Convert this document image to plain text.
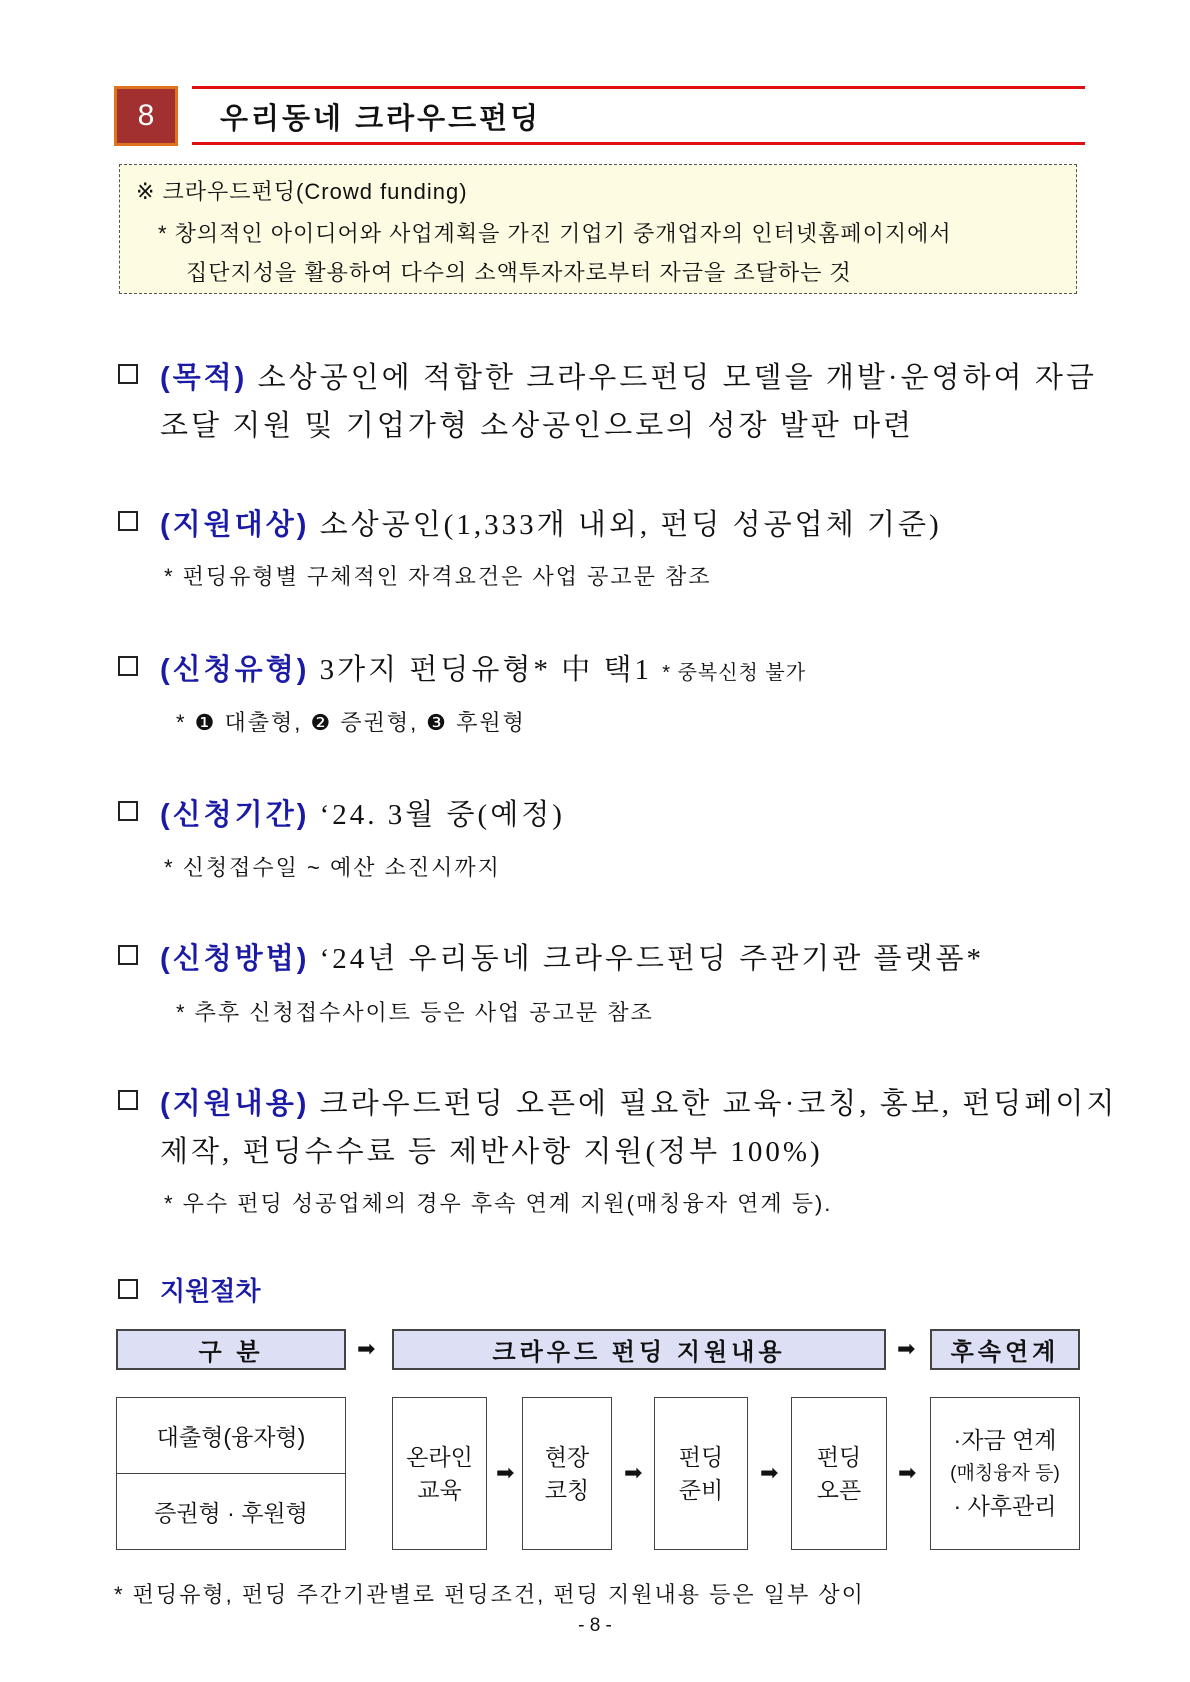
8	우리동네 크라우드펀딩
※ 크라우드펀딩(Crowd funding)
* 창의적인 아이디어와 사업계획을 가진 기업기 중개업자의 인터넷홈페이지에서
집단지성을 활용하여 다수의 소액투자자로부터 자금을 조달하는 것
(목적) 소상공인에 적합한 크라우드펀딩 모델을 개발·운영하여 자금
조달 지원 및 기업가형 소상공인으로의 성장 발판 마련
(지원대상) 소상공인(1,333개 내외, 펀딩 성공업체 기준)
* 펀딩유형별 구체적인 자격요건은 사업 공고문 참조
(신청유형) 3가지 펀딩유형* 中 택1 * 중복신청 불가
* ❶ 대출형, ❷ 증권형, ❸ 후원형
(신청기간) ‘24. 3월 중(예정)
* 신청접수일 ~ 예산 소진시까지
(신청방법) ‘24년 우리동네 크라우드펀딩 주관기관 플랫폼*
* 추후 신청접수사이트 등은 사업 공고문 참조
(지원내용) 크라우드펀딩 오픈에 필요한 교육·코칭, 홍보, 펀딩페이지
제작, 펀딩수수료 등 제반사항 지원(정부 100%)
* 우수 펀딩 성공업체의 경우 후속 연계 지원(매칭융자 연계 등).
지원절차
구 분	➡	크라우드 펀딩 지원내용	➡	후속연계
대출형(융자형)
증권형 · 후원형
온라인
교육
➡
현장
코칭
➡
펀딩
준비
➡
펀딩
오픈
➡
·자금 연계
(매칭융자 등)
· 사후관리
* 펀딩유형, 펀딩 주간기관별로 펀딩조건, 펀딩 지원내용 등은 일부 상이
- 8 -
